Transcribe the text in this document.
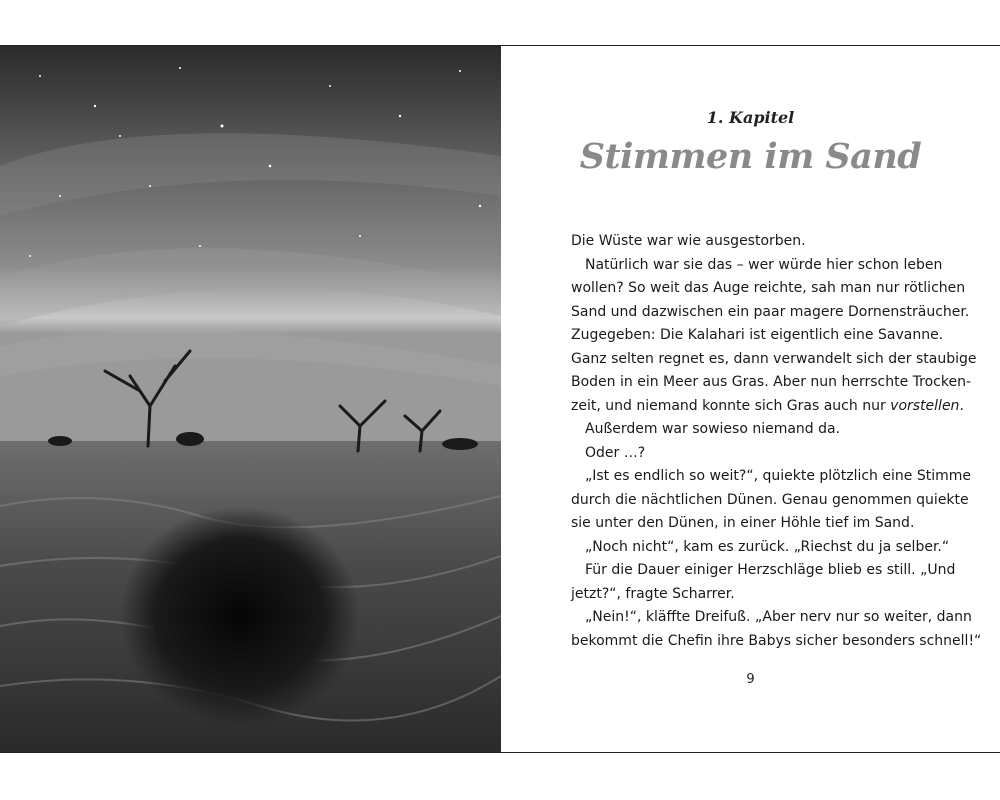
1. Kapitel
Stimmen im Sand
Die Wüste war wie ausgestorben.
Natürlich war sie das – wer würde hier schon leben
wollen? So weit das Auge reichte, sah man nur rötlichen
Sand und dazwischen ein paar magere Dornensträucher.
Zugegeben: Die Kalahari ist eigentlich eine Savanne.
Ganz selten regnet es, dann verwandelt sich der staubige
Boden in ein Meer aus Gras. Aber nun herrschte Trocken-
zeit, und niemand konnte sich Gras auch nur vorstellen.
Außerdem war sowieso niemand da.
Oder …?
„Ist es endlich so weit?“, quiekte plötzlich eine Stimme
durch die nächtlichen Dünen. Genau genommen quiekte
sie unter den Dünen, in einer Höhle tief im Sand.
„Noch nicht“, kam es zurück. „Riechst du ja selber.“
Für die Dauer einiger Herzschläge blieb es still. „Und
jetzt?“, fragte Scharrer.
„Nein!“, kläffte Dreifuß. „Aber nerv nur so weiter, dann
bekommt die Chefin ihre Babys sicher besonders schnell!“
9
